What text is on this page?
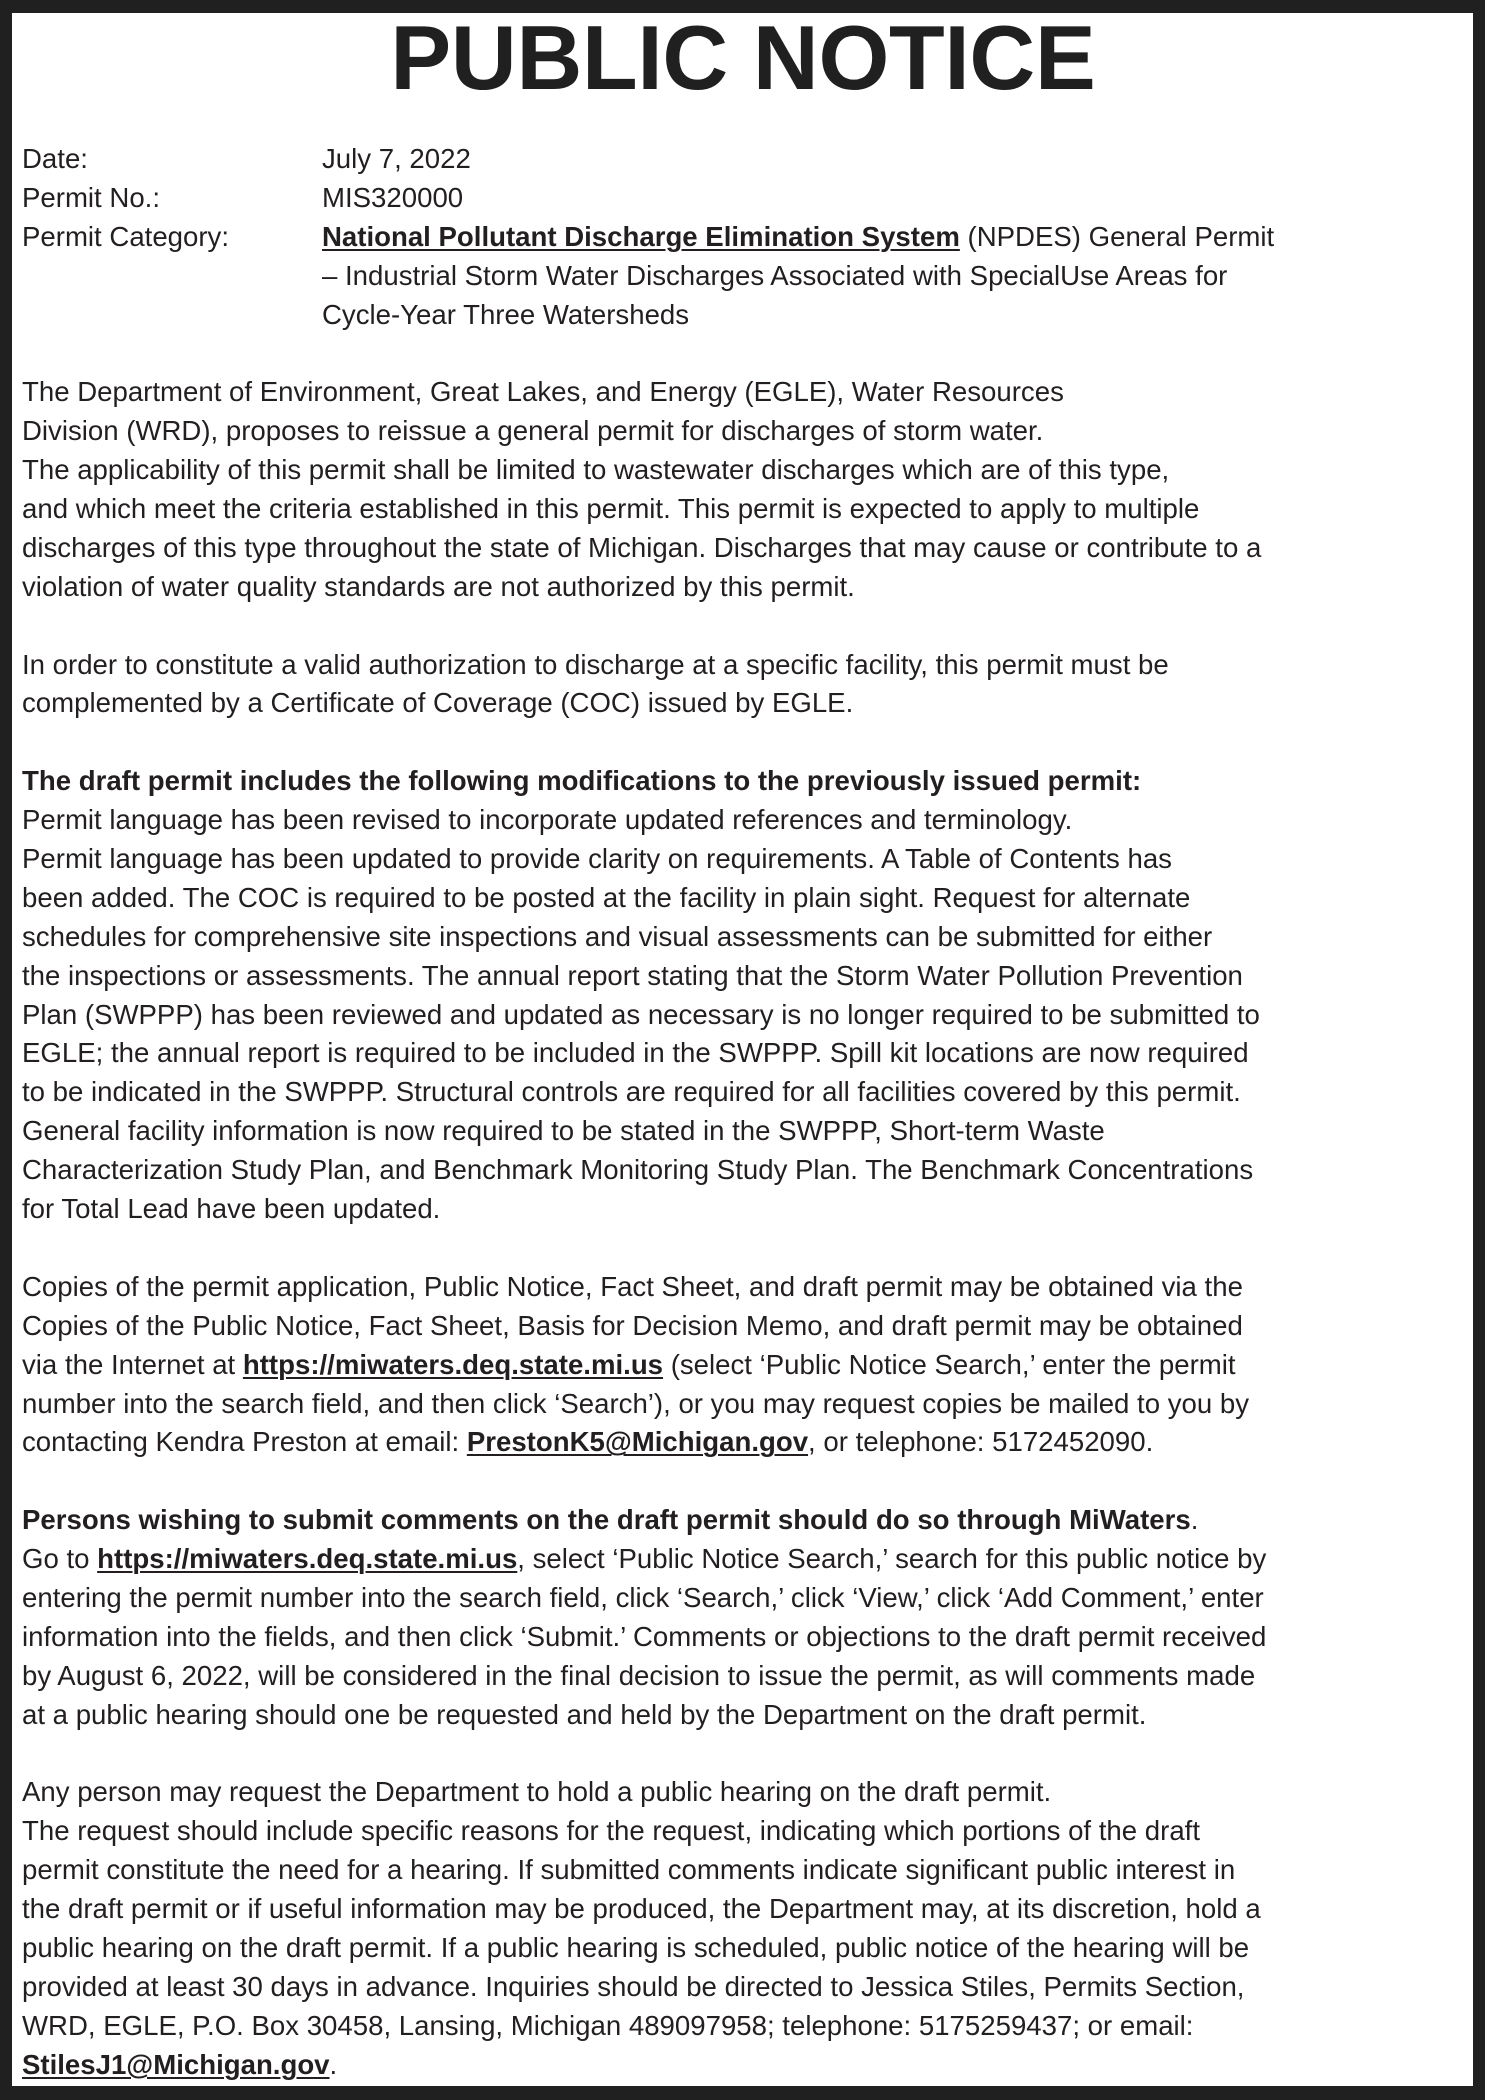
PUBLIC NOTICE
Date:	July 7, 2022
Permit No.:	MIS320000
Permit Category:	National Pollutant Discharge Elimination System (NPDES) General Permit
– Industrial Storm Water Discharges Associated with SpecialUse Areas for
Cycle-Year Three Watersheds
The Department of Environment, Great Lakes, and Energy (EGLE), Water Resources
Division (WRD), proposes to reissue a general permit for discharges of storm water.
The applicability of this permit shall be limited to wastewater discharges which are of this type,
and which meet the criteria established in this permit. This permit is expected to apply to multiple
discharges of this type throughout the state of Michigan. Discharges that may cause or contribute to a
violation of water quality standards are not authorized by this permit.
In order to constitute a valid authorization to discharge at a specific facility, this permit must be
complemented by a Certificate of Coverage (COC) issued by EGLE.
The draft permit includes the following modifications to the previously issued permit:
Permit language has been revised to incorporate updated references and terminology.
Permit language has been updated to provide clarity on requirements. A Table of Contents has
been added. The COC is required to be posted at the facility in plain sight. Request for alternate
schedules for comprehensive site inspections and visual assessments can be submitted for either
the inspections or assessments. The annual report stating that the Storm Water Pollution Prevention
Plan (SWPPP) has been reviewed and updated as necessary is no longer required to be submitted to
EGLE; the annual report is required to be included in the SWPPP. Spill kit locations are now required
to be indicated in the SWPPP. Structural controls are required for all facilities covered by this permit.
General facility information is now required to be stated in the SWPPP, Short-term Waste
Characterization Study Plan, and Benchmark Monitoring Study Plan. The Benchmark Concentrations
for Total Lead have been updated.
Copies of the permit application, Public Notice, Fact Sheet, and draft permit may be obtained via the
Copies of the Public Notice, Fact Sheet, Basis for Decision Memo, and draft permit may be obtained
via the Internet at https://miwaters.deq.state.mi.us (select ‘Public Notice Search,’ enter the permit
number into the search field, and then click ‘Search’), or you may request copies be mailed to you by
contacting Kendra Preston at email: PrestonK5@Michigan.gov, or telephone: 5172452090.
Persons wishing to submit comments on the draft permit should do so through MiWaters.
Go to https://miwaters.deq.state.mi.us, select ‘Public Notice Search,’ search for this public notice by
entering the permit number into the search field, click ‘Search,’ click ‘View,’ click ‘Add Comment,’ enter
information into the fields, and then click ‘Submit.’ Comments or objections to the draft permit received
by August 6, 2022, will be considered in the final decision to issue the permit, as will comments made
at a public hearing should one be requested and held by the Department on the draft permit.
Any person may request the Department to hold a public hearing on the draft permit.
The request should include specific reasons for the request, indicating which portions of the draft
permit constitute the need for a hearing. If submitted comments indicate significant public interest in
the draft permit or if useful information may be produced, the Department may, at its discretion, hold a
public hearing on the draft permit. If a public hearing is scheduled, public notice of the hearing will be
provided at least 30 days in advance. Inquiries should be directed to Jessica Stiles, Permits Section,
WRD, EGLE, P.O. Box 30458, Lansing, Michigan 489097958; telephone: 5175259437; or email:
StilesJ1@Michigan.gov.
